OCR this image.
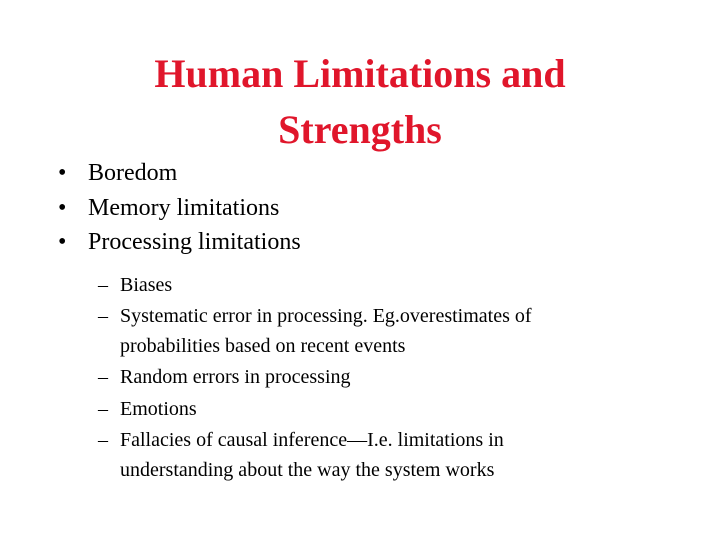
Human Limitations and
Strengths
• Boredom
• Memory limitations
• Processing limitations
– Biases
– Systematic error in processing. Eg.overestimates of
probabilities based on recent events
– Random errors in processing
– Emotions
– Fallacies of causal inference—I.e. limitations in
understanding about the way the system works
